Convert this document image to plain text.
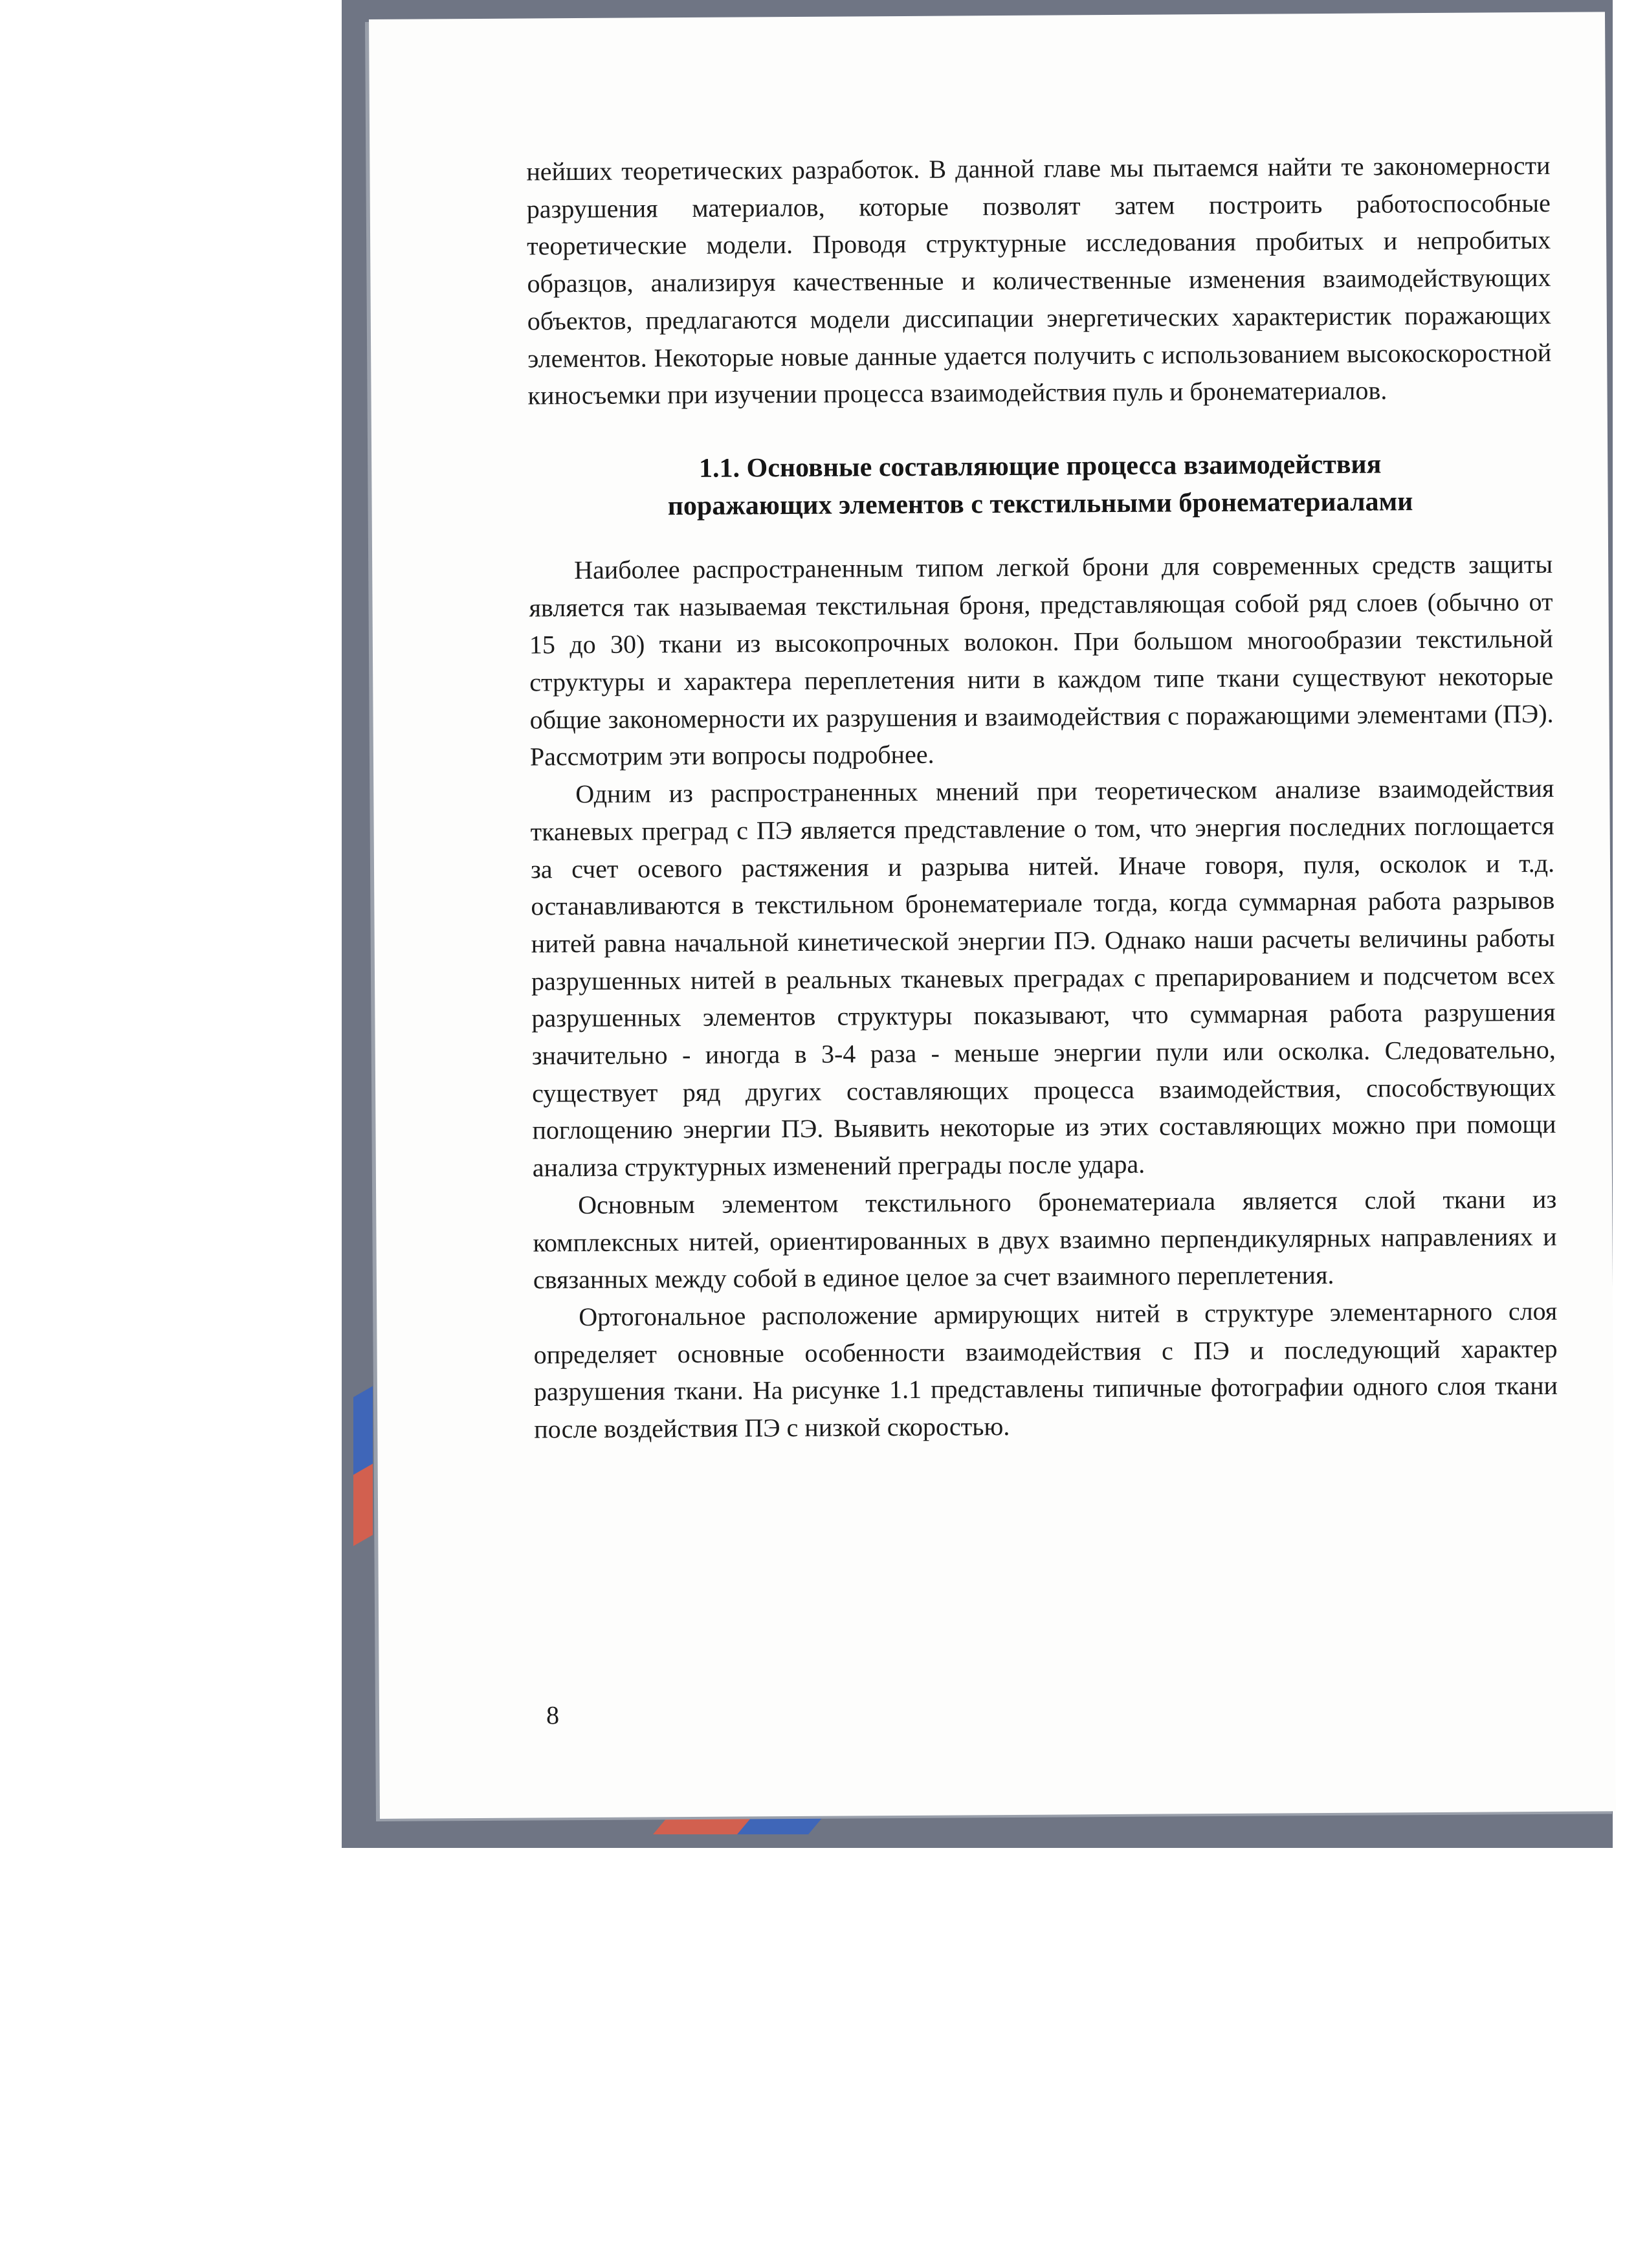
нейших теоретических разработок. В данной главе мы пытаемся найти те закономерности разрушения материалов, которые позволят затем построить работоспособные теоретические модели. Проводя структурные исследования пробитых и непробитых образцов, анализируя качественные и количественные изменения взаимодействующих объектов, предлагаются модели диссипации энергетических характеристик поражающих элементов. Некоторые новые данные удается получить с использованием высокоскоростной киносъемки при изучении процесса взаимодействия пуль и бронематериалов.

1.1. Основные составляющие процесса взаимодействия
поражающих элементов с текстильными бронематериалами

Наиболее распространенным типом легкой брони для современных средств защиты является так называемая текстильная броня, представляющая собой ряд слоев (обычно от 15 до 30) ткани из высокопрочных волокон. При большом многообразии текстильной структуры и характера переплетения нити в каждом типе ткани существуют некоторые общие закономерности их разрушения и взаимодействия с поражающими элементами (ПЭ). Рассмотрим эти вопросы подробнее.

Одним из распространенных мнений при теоретическом анализе взаимодействия тканевых преград с ПЭ является представление о том, что энергия последних поглощается за счет осевого растяжения и разрыва нитей. Иначе говоря, пуля, осколок и т.д. останавливаются в текстильном бронематериале тогда, когда суммарная работа разрывов нитей равна начальной кинетической энергии ПЭ. Однако наши расчеты величины работы разрушенных нитей в реальных тканевых преградах с препарированием и подсчетом всех разрушенных элементов структуры показывают, что суммарная работа разрушения значительно - иногда в 3-4 раза - меньше энергии пули или осколка. Следовательно, существует ряд других составляющих процесса взаимодействия, способствующих поглощению энергии ПЭ. Выявить некоторые из этих составляющих можно при помощи анализа структурных изменений преграды после удара.

Основным элементом текстильного бронематериала является слой ткани из комплексных нитей, ориентированных в двух взаимно перпендикулярных направлениях и связанных между собой в единое целое за счет взаимного переплетения.

Ортогональное расположение армирующих нитей в структуре элементарного слоя определяет основные особенности взаимодействия с ПЭ и последующий характер разрушения ткани. На рисунке 1.1 представлены типичные фотографии одного слоя ткани после воздействия ПЭ с низкой скоростью.

8
